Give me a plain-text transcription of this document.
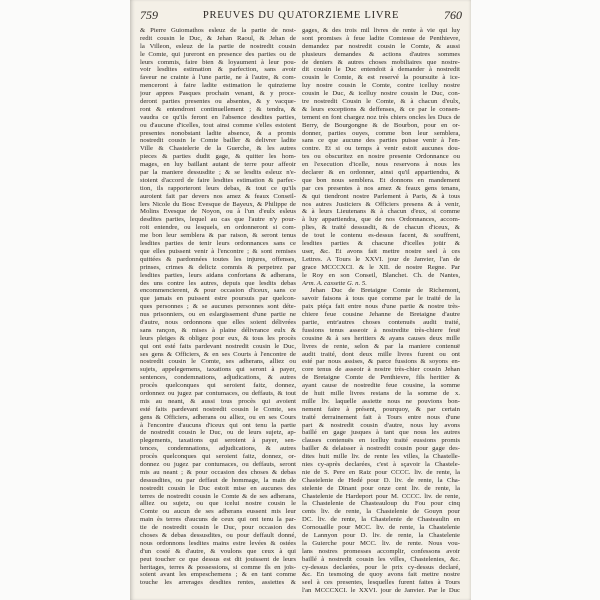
759	PREUVES DU QUATORZIEME LIVRE	760
& Pierre Guiomathos esleuz de la partie de nost-
redit cousin le Duc, & Jehan Raoul, & Jehan de
la Villeon, esleuz de la partie de nostredit cousin
le Comte, qui jureront en presence des parties ou de
leurs commis, faire bien & loyaument à leur pou-
voir lesdites estimation & parfection, sans avoir
faveur ne crainte à l'une partie, ne à l'autre, & com-
menceront à faire ladite estimation le quinzieme
jour appres Pasques prochain venant, & y proce-
deront parties presentes ou absentes, & y vacque-
ront & entendront continuellement ; & tendra, &
vaudra ce qu'ils feront en l'absence desdites parties,
ou d'aucune d'icelles, tout ainsi comme s'elles estoient
presentes nonobstant ladite absence, & a promis
nostredit cousin le Comte bailler & delivrer ladite
Ville & Chastelerie de la Guerche, & les autres
pieces & parties dudit gage, & quitter les hom-
mages, en luy baillant autant de terre pour affeoir
par la maniere dessusdite ; & se lesdits esleuz n'e-
stoient d'accord de faire lesdites estimation & parfec-
tion, ils rapporteront leurs debas, & tout ce qu'ils
auroient fait par devers nos amez & feaux Conseil-
lers Nicole du Bosc Evesque de Bayeux, & Philippe de
Molins Evesque de Noyon, ou à l'un d'eulx esleus
desdites parties, lequel au cas que l'autre n'y pour-
roit entendre, ou lesquels, en ordonneront si com-
me bon leur semblera & par raison, & seront tenus
lesdites parties de tenir leurs ordonnances sans ce
que elles puissent venir à l'encontre ; & sont remises
quittées & pardonnées toutes les injures, offenses,
prinses, crimes & delictz commis & perpetrez par
lesdites parties, leurs aidans confortans & adherans,
des uns contre les autres, depuis que lesdits debas
encommencierent, & pour occasion d'iceux, sans ce
que jamais en puissent estre poursuis par quelcon-
ques personnes ; & se aucunes personnes sont déte-
nus prisonniers, ou en eslargissement d'une partie ne
d'autre, nous ordonnons que elles soient délivrées
sans rançon, & mises à plaine délivrance eulx &
leurs pleiges & obligez pour eux, & tous les procès
qui ont esté faits pardevant nostredit cousin le Duc,
ses gens & Officiers, & en ses Courts à l'encontre de
nostredit cousin le Comte, ses adherans, alliez ou
sujets, appelegemens, taxations qui seront à payer,
sentences, condemnations, adjudications, & autres
procès quelconques qui seroient faitz, donnez,
ordonnez ou jugez par contumaces, ou deffauts, & tout
mis au neant, & aussi tous procès qui avoient
esté faits pardevant nostredit cousin le Comte, ses
gens & Officiers, adherans ou alliez, ou en ses Cours
à l'encontre d'aucuns d'iceux qui ont tenu la partie
de nostredit cousin le Duc, ou de leurs sujetz, ap-
plegements, taxations qui seroient à payer, sen-
tences, condemnations, adjudications, & autres
procès quelconques qui seroient faitz, donnez, or-
donnez ou jugez par contumaces, ou deffauts, seront
mis au neant ; & pour occasion des choses & debas
dessusdites, ou par deffaut de hommage, la main de
nostredit cousin le Duc estoit mise en aucunes des
terres de nostredit cousin le Comte & de ses adherans,
alliez ou sujetz, ou que icelui nostre cousin le
Comte ou aucun de ses adherans eussent mis leur
main ès terres d'aucuns de ceux qui ont tenu la par-
tie de nostredit cousin le Duc, pour occasion des
choses & debas dessusdites, ou pour deffault donné,
nous ordonnons lesdites mains estre levées & ostées
d'un costé & d'autre, & voulons que ceux à qui
peut toucher ce que dessus est dit jouissent de leurs
heritages, terres & possessions, si comme ils en joïs-
soient avant les empeschemens ; & en tant comme
touche les arrerages desdites rentes, assiettes &
gages, & des trois mil livres de rente à vie qui luy
sont promises à feue ladite Comtesse de Penthievre,
demandez par nostredit cousin le Comte, & aussi
plusieurs demandes & actions d'autres sommes
de deniers & autres choses mobiliaires que nostre-
dit cousin le Duc entendoit à demander à nostredit
cousin le Comte, & est reservé la poursuite à ice-
luy nostre cousin le Comte, contre icelluy nostre
cousin le Duc, & icelluy nostre cousin le Duc, con-
tre nostredit Cousin le Comte, & à chacun d'eulx,
& leurs exceptions & deffenses, & ce par le consen-
tement en font chargez noz très chiers oncles les Ducs de
Berry, de Bourgongne & de Bourbon, pour en or-
donner, parties ouyes, comme bon leur semblera,
sans ce que aucune des parties puisse venir à l'en-
contre. Et si ou temps à venir estoit aucunes dou-
tes ou obscuritez en nostre presente Ordonnance ou
en l'execution d'icelle, nous reservons à nous les
declarer & en ordonner, ainsi qu'il appartiendra, &
que bon nous semblera. Et donnons en mandement
par ces presentes à nos amez & feaux gens tenans,
& qui tiendront nostre Parlement à Paris, & à tous
nos autres Justiciers & Officiers presens & à venir,
& à leurs Lieutenans & à chacun d'eux, si comme
à luy appartiendra, que de nos Ordonnances, accom-
plies, & traité dessusdit, & de chacun d'iceux, &
de tout le contenu es-dessus facent, & souffrent,
lesdites parties & chacune d'icelles joüir &
user, &c. Et avons fait mettre nostre seel à ces
Lettres. A Tours le XXVI. jour de Janvier, l'an de
grace MCCCXCI. & le XII. de nostre Regne. Par
le Roy en son Conseil, Blanchet. Ch. de Nantes,
Arm. A. cassette G. n. 5.
Jehan Duc de Bretaigne Comte de Richemont,
savoir faisons à tous que comme par le traité de la
paix piéça fait entre nous d'une partie & nostre très-
chiere feue cousine Jehanne de Bretaigne d'autre
partie, entr'autres choses contenuës audit traité,
fussions tenus asseoir à nostredite très-chiere feuë
cousine & à ses heritiers & ayans causes deux mille
livres de rente, selon & par la maniere contenuë
audit traité, dont deux mille livres furent ou ont
esté par nous assises, & parce fussions & soyons en-
core tenus de asseoir à nostre très-chier cousin Jehan
de Bretaigne Comte de Penthievre, fils heritier &
ayant cause de nostredite feue cousine, la somme
de huit mille livres restans de la somme de x.
mille liv. laquelle assiette nous ne pouvions bon-
nement faire à présent, pourquoy, & par certain
traité derrainement fait à Tours entre nous d'une
part & nostredit cousin d'autre, nous luy avons
baillé en gage jusques à tant que nous les autres
clauses contenuës en icelluy traité eussions promis
bailler & delaisser à nostredit cousin pour gage des-
dites huit mille liv. de rente les villes, la Chastelle-
nies cy-après declarées, c'est à sçavoir la Chastele-
nie de S. Pere en Raiz pour CCCC. liv. de rente, la
Chastelenie de Hedé pour D. liv. de rente, la Cha-
stelenie de Dinant pour onze cent liv. de rente, la
Chastelenie de Hardeport pour M. CCCC. liv. de rente,
la Chastelenie de Chasteauloup du Fou pour cinq
cents liv. de rente, la Chastelenie de Gouyn pour
DC. liv. de rente, la Chastelenie de Chasteaulin en
Cornouaille pour MCC. liv. de rente, la Chastelenie
de Lannyon pour D. liv. de rente, la Chastelenie
la Guierche pour MCC. liv. de rente. Nous vou-
lans nostres promesses accomplir, confessons avoir
baillé à nostredit cousin les villes, Chastelenies, &c.
cy-dessus declarées, pour le prix cy-dessus declaré,
&c. En tesmoing de quoy avons fait mettre nostre
seel à ces presentes, lesquelles furent faites à Tours
l'an MCCCXCI. le XXVI. jour de Janvier. Par le Duc
